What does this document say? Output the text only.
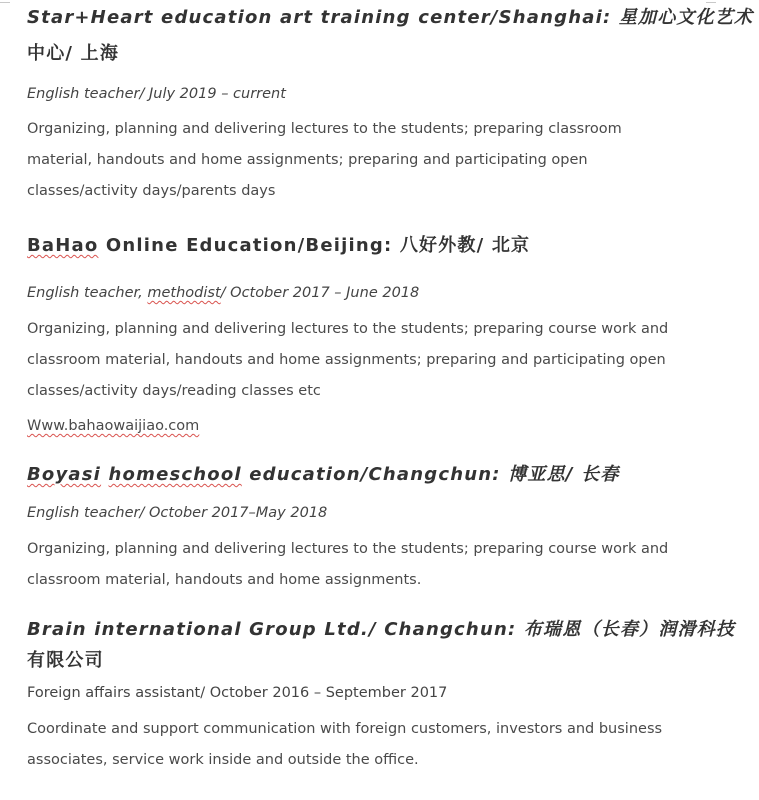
Star+Heart education art training center/Shanghai: 星加心文化艺术
中心/ 上海
English teacher/ July 2019 – current
Organizing, planning and delivering lectures to the students; preparing classroom
material, handouts and home assignments; preparing and participating open
classes/activity days/parents days
BaHao Online Education/Beijing: 八好外教/ 北京
English teacher, methodist/ October 2017 – June 2018
Organizing, planning and delivering lectures to the students; preparing course work and
classroom material, handouts and home assignments; preparing and participating open
classes/activity days/reading classes etc
Www.bahaowaijiao.com
Boyasi homeschool education/Changchun: 博亚思/ 长春
English teacher/ October 2017–May 2018
Organizing, planning and delivering lectures to the students; preparing course work and
classroom material, handouts and home assignments.
Brain international Group Ltd./ Changchun: 布瑞恩（长春）润滑科技
有限公司
Foreign affairs assistant/ October 2016 – September 2017
Coordinate and support communication with foreign customers, investors and business
associates, service work inside and outside the office.
